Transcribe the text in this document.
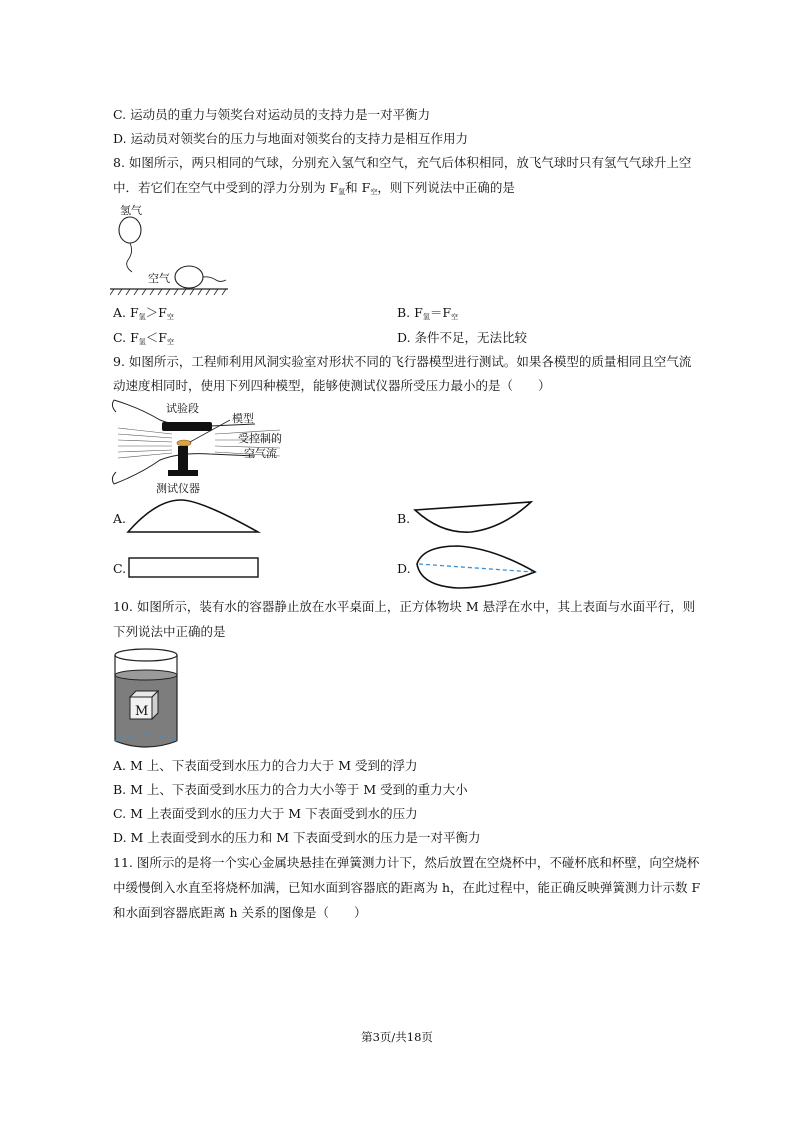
C. 运动员的重力与领奖台对运动员的支持力是一对平衡力
D. 运动员对领奖台的压力与地面对领奖台的支持力是相互作用力
8. 如图所示，两只相同的气球，分别充入氢气和空气，充气后体积相同，放飞气球时只有氢气气球升上空
中．若它们在空气中受到的浮力分别为 $F_氢$和 $F_空$，则下列说法中正确的是
氢气
空气
A. $F_氢>F_空$	B. $F_氢=F_空$
C. $F_氢<F_空$	D. 条件不足，无法比较
9. 如图所示，工程师利用风洞实验室对形状不同的飞行器模型进行测试。如果各模型的质量相同且空气流
动速度相同时，使用下列四种模型，能够使测试仪器所受压力最小的是（　　）
试验段
模型
受控制的
空气流
测试仪器
A.	B.
C.	D.
10. 如图所示，装有水的容器静止放在水平桌面上，正方体物块 M 悬浮在水中，其上表面与水面平行，则
下列说法中正确的是
M
A. M 上、下表面受到水压力的合力大于 M 受到的浮力
B. M 上、下表面受到水压力的合力大小等于 M 受到的重力大小
C. M 上表面受到水的压力大于 M 下表面受到水的压力
D. M 上表面受到水的压力和 M 下表面受到水的压力是一对平衡力
11. 图所示的是将一个实心金属块悬挂在弹簧测力计下，然后放置在空烧杯中，不碰杯底和杯壁，向空烧杯
中缓慢倒入水直至将烧杯加满，已知水面到容器底的距离为 h，在此过程中，能正确反映弹簧测力计示数 F
和水面到容器底距离 h 关系的图像是（　　）
第3页/共18页
